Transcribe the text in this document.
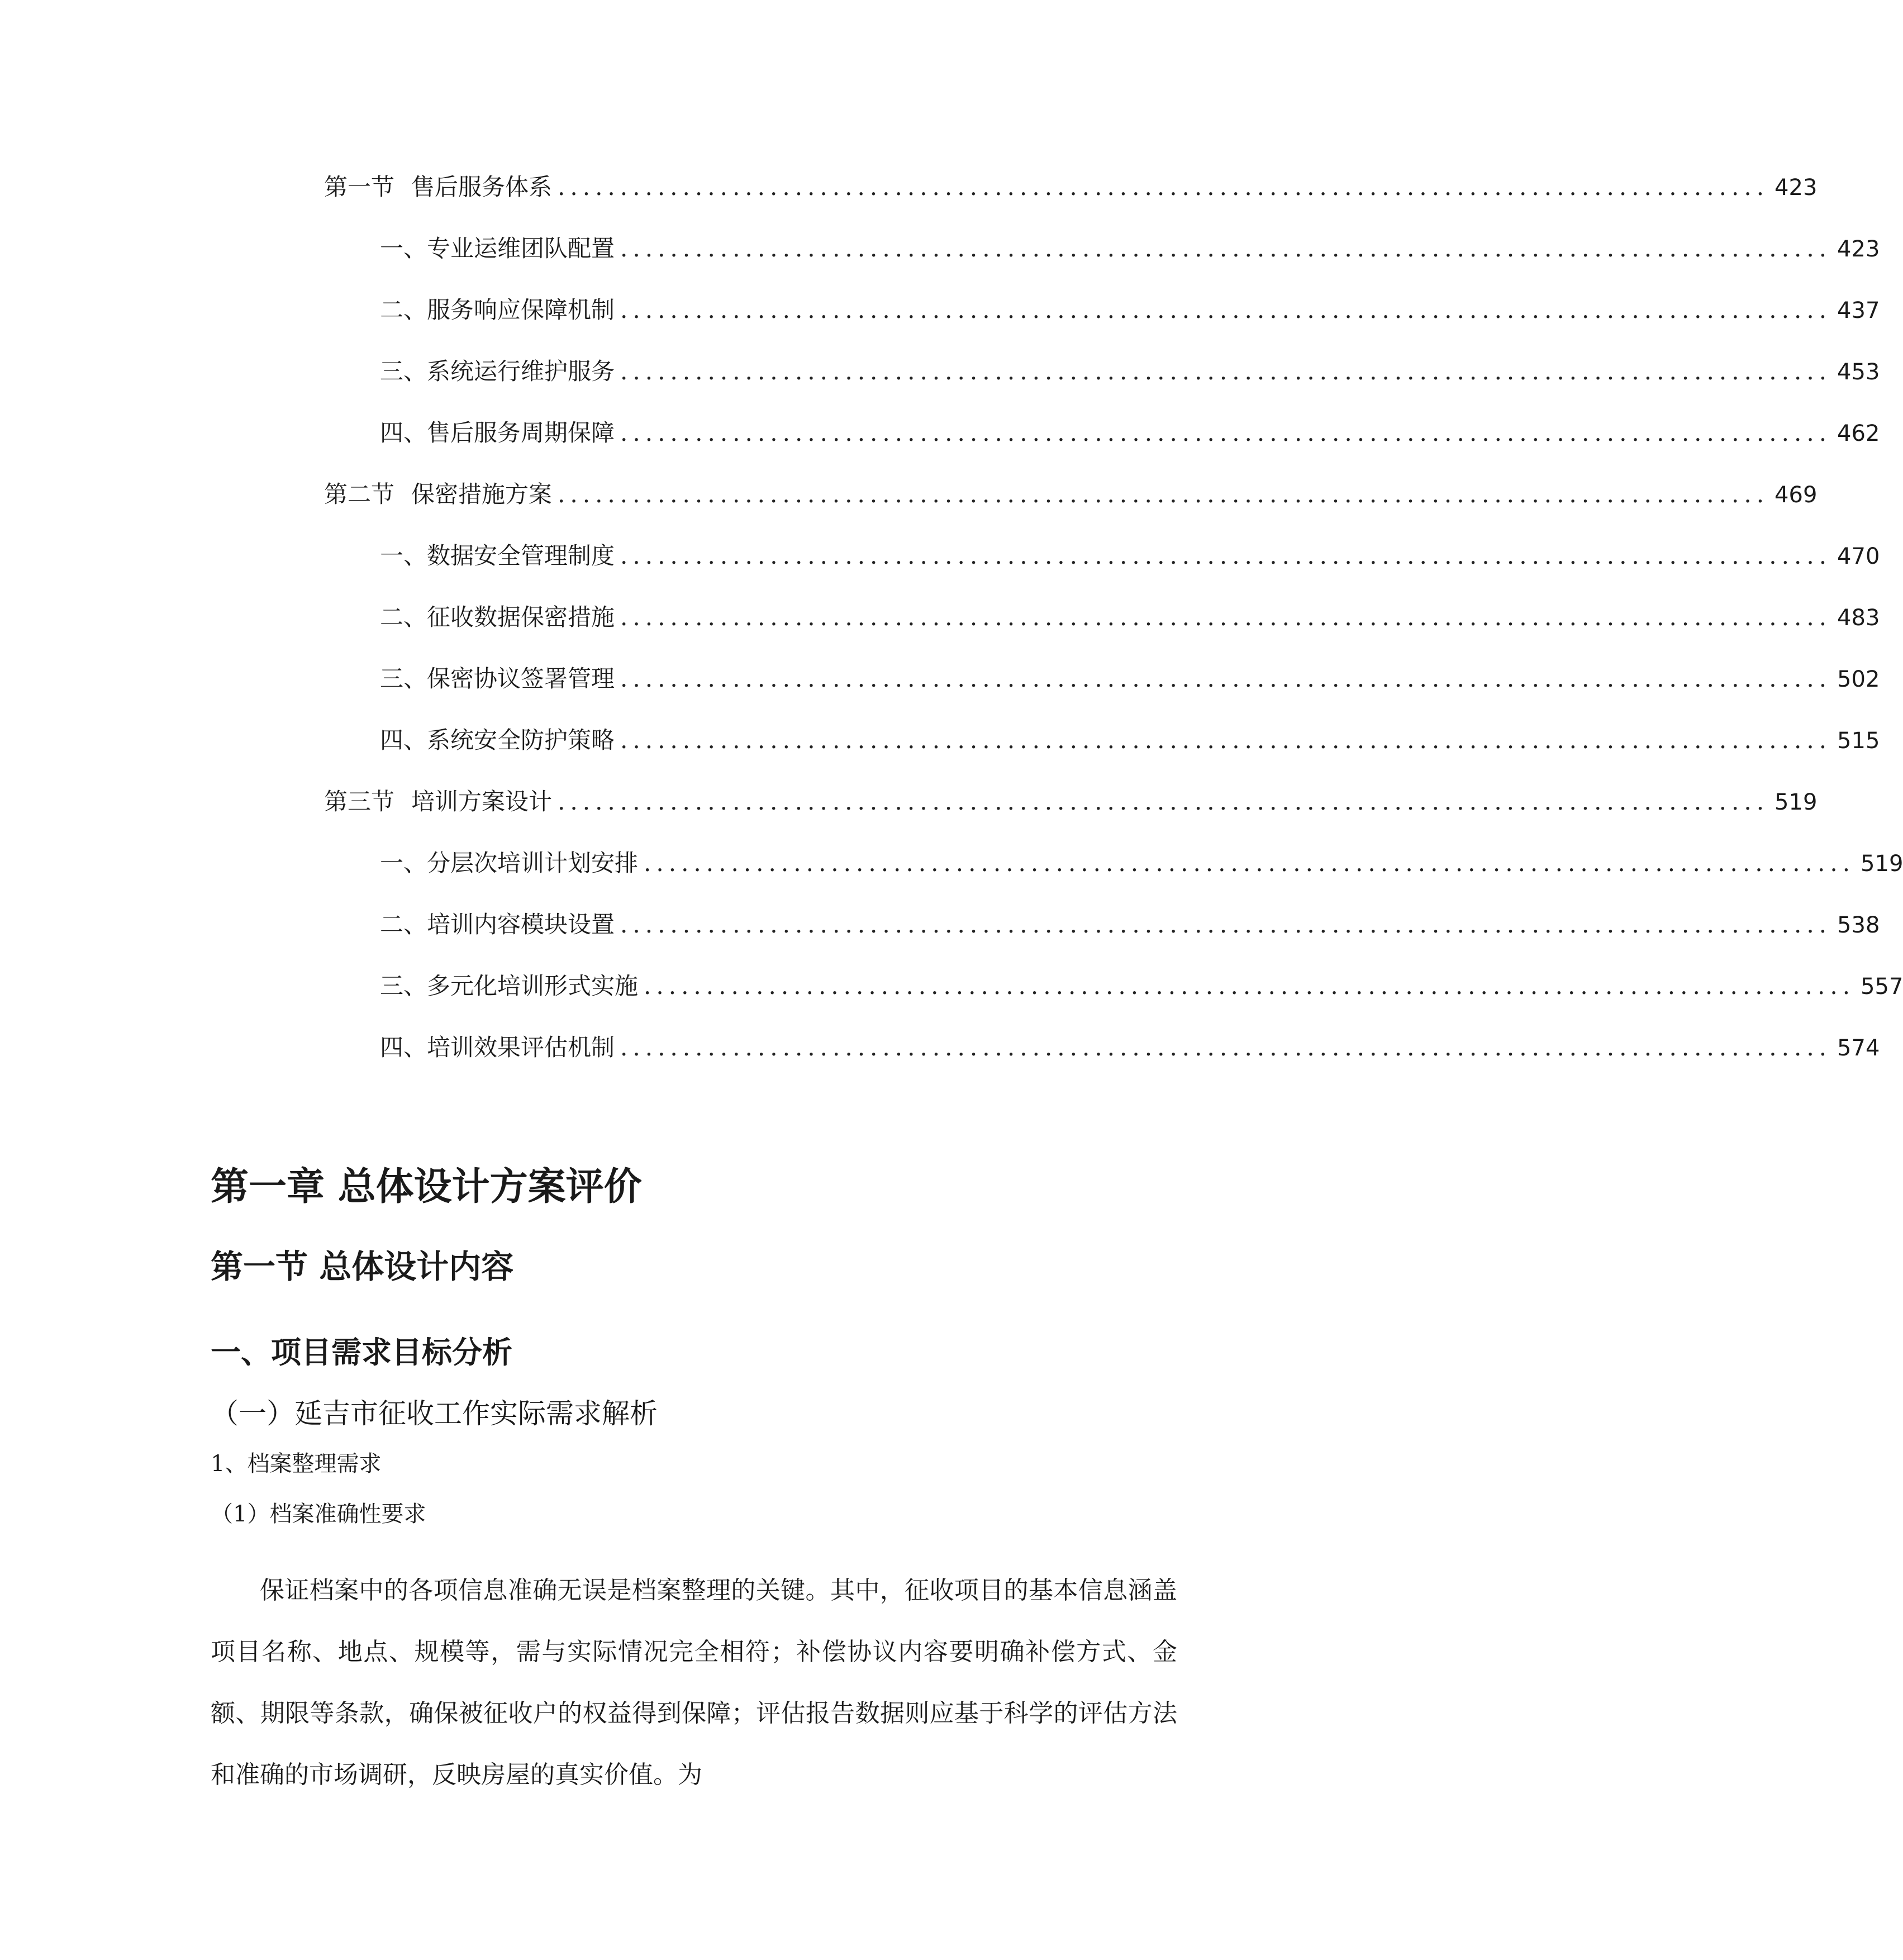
第一节 售后服务体系 ................................................................................................. 423
一、 专业运维团队配置 ................................................................................................. 423
二、 服务响应保障机制 ................................................................................................. 437
三、 系统运行维护服务 ................................................................................................. 453
四、 售后服务周期保障 ................................................................................................. 462
第二节 保密措施方案 ................................................................................................. 469
一、 数据安全管理制度 ................................................................................................. 470
二、 征收数据保密措施 ................................................................................................. 483
三、 保密协议签署管理 ................................................................................................. 502
四、 系统安全防护策略 ................................................................................................. 515
第三节 培训方案设计 ................................................................................................. 519
一、 分层次培训计划安排 ................................................................................................. 519
二、 培训内容模块设置 ................................................................................................. 538
三、 多元化培训形式实施 ................................................................................................. 557
四、 培训效果评估机制 ................................................................................................. 574
第一章 总体设计方案评价
第一节 总体设计内容
一、项目需求目标分析
（一）延吉市征收工作实际需求解析
1、档案整理需求
（1）档案准确性要求

保证档案中的各项信息准确无误是档案整理的关键。其中，征收项目的基本信息涵盖项目名称、地点、规模等，需与实际情况完全相符；补偿协议内容要明确补偿方式、金额、期限等条款，确保被征收户的权益得到保障；评估报告数据则应基于科学的评估方法和准确的市场调研，反映房屋的真实价值。为
